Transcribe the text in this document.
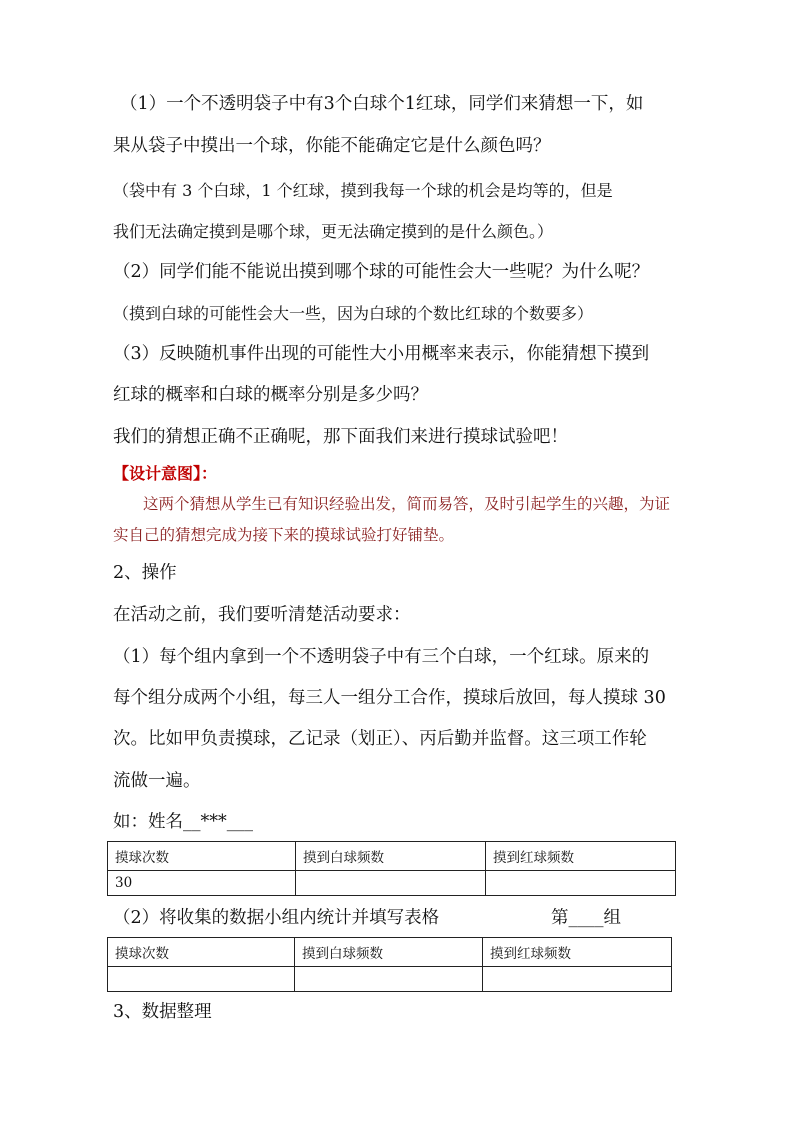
（1）一个不透明袋子中有3个白球个1红球，同学们来猜想一下，如
果从袋子中摸出一个球，你能不能确定它是什么颜色吗？
（袋中有 3 个白球，1 个红球，摸到我每一个球的机会是均等的，但是
我们无法确定摸到是哪个球，更无法确定摸到的是什么颜色。）
（2）同学们能不能说出摸到哪个球的可能性会大一些呢？为什么呢？
（摸到白球的可能性会大一些，因为白球的个数比红球的个数要多）
（3）反映随机事件出现的可能性大小用概率来表示，你能猜想下摸到
红球的概率和白球的概率分别是多少吗？
我们的猜想正确不正确呢，那下面我们来进行摸球试验吧！
【设计意图】：
这两个猜想从学生已有知识经验出发，简而易答，及时引起学生的兴趣，为证
实自己的猜想完成为接下来的摸球试验打好铺垫。
2、操作
在活动之前，我们要听清楚活动要求：
（1）每个组内拿到一个不透明袋子中有三个白球，一个红球。原来的
每个组分成两个小组，每三人一组分工合作，摸球后放回，每人摸球 30
次。比如甲负责摸球，乙记录（划正）、丙后勤并监督。这三项工作轮
流做一遍。
如：姓名__***___
摸球次数	摸到白球频数	摸到红球频数
30		
（2）将收集的数据小组内统计并填写表格	第____组
摸球次数	摸到白球频数	摸到红球频数

3、数据整理
